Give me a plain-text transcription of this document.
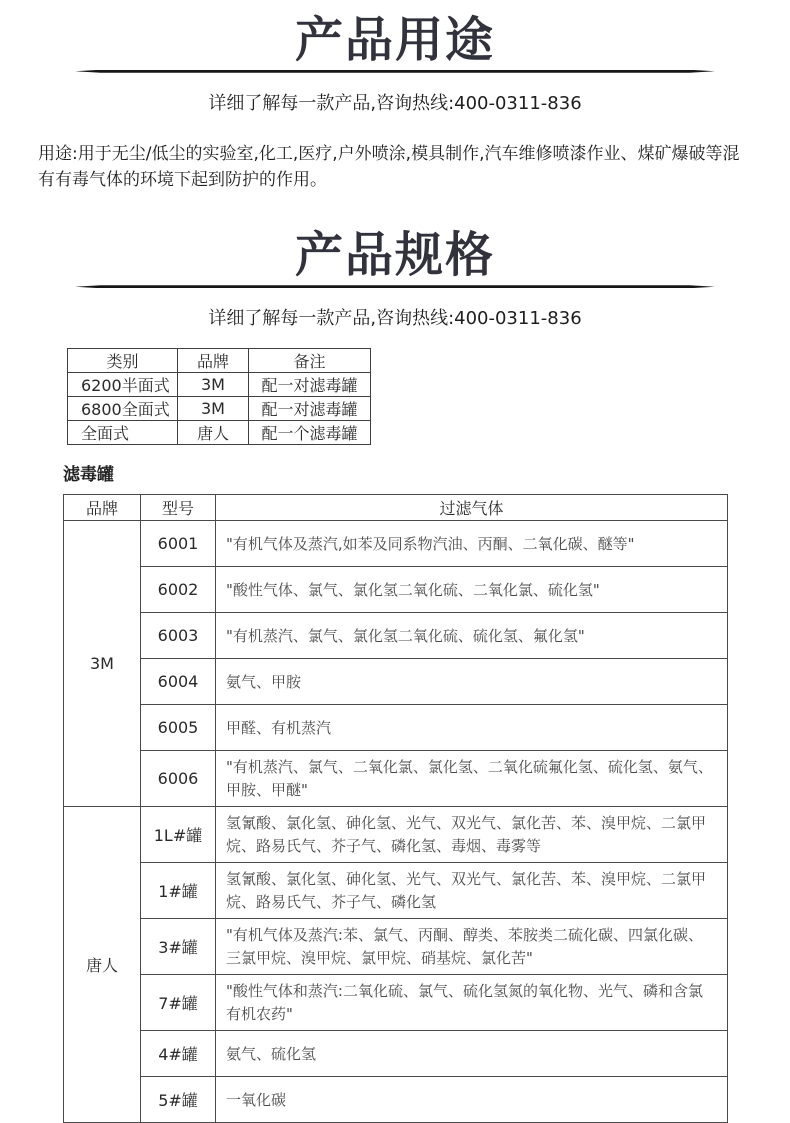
产品用途

详细了解每一款产品,咨询热线:400-0311-836

用途:用于无尘/低尘的实验室,化工,医疗,户外喷涂,模具制作,汽车维修喷漆作业、煤矿爆破等混有有毒气体的环境下起到防护的作用。

产品规格

详细了解每一款产品,咨询热线:400-0311-836

类别	品牌	备注
6200半面式	3M	配一对滤毒罐
6800全面式	3M	配一对滤毒罐
全面式	唐人	配一个滤毒罐
滤毒罐
品牌	型号	过滤气体
3M	6001	"有机气体及蒸汽,如苯及同系物汽油、丙酮、二氧化碳、醚等"
	6002	"酸性气体、氯气、氯化氢二氧化硫、二氧化氯、硫化氢"
	6003	"有机蒸汽、氯气、氯化氢二氧化硫、硫化氢、氟化氢"
	6004	氨气、甲胺
	6005	甲醛、有机蒸汽
	6006	"有机蒸汽、氯气、二氧化氯、氯化氢、二氧化硫氟化氢、硫化氢、氨气、甲胺、甲醚"
唐人	1L#罐	氢氰酸、氯化氢、砷化氢、光气、双光气、氯化苦、苯、溴甲烷、二氯甲烷、路易氏气、芥子气、磷化氢、毒烟、毒雾等
	1#罐	氢氰酸、氯化氢、砷化氢、光气、双光气、氯化苦、苯、溴甲烷、二氯甲烷、路易氏气、芥子气、磷化氢
	3#罐	"有机气体及蒸汽:苯、氯气、丙酮、醇类、苯胺类二硫化碳、四氯化碳、三氯甲烷、溴甲烷、氯甲烷、硝基烷、氯化苦"
	7#罐	"酸性气体和蒸汽:二氧化硫、氯气、硫化氢氮的氧化物、光气、磷和含氯有机农药"
	4#罐	氨气、硫化氢
	5#罐	一氧化碳
